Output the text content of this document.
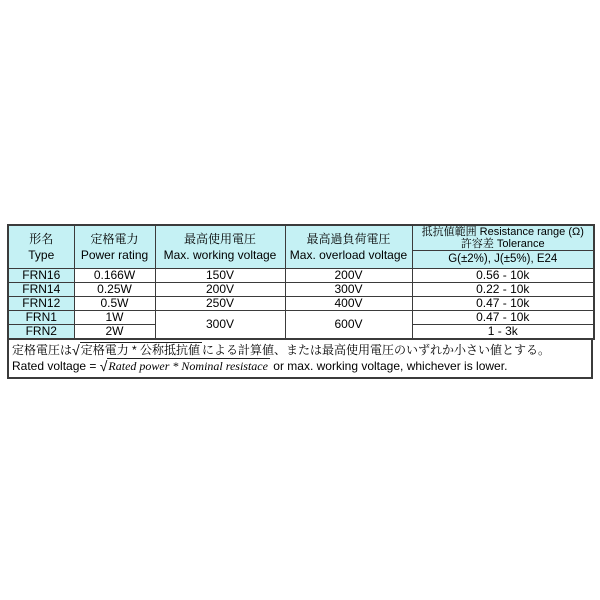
形名
Type

定格電力
Power rating

最高使用電圧
Max. working voltage

最高過負荷電圧
Max. overload voltage

抵抗値範囲 Resistance range (Ω)
許容差 Tolerance
G(±2%), J(±5%), E24

FRN16	0.166W	150V	200V	0.56 - 10k
FRN14	0.25W	200V	300V	0.22 - 10k
FRN12	0.5W	250V	400V	0.47 - 10k
FRN1	1W	300V	600V	0.47 - 10k
FRN2	2W			1 - 3k
定格電圧は√定格電力 * 公称抵抗値 による計算値、または最高使用電圧のいずれか小さい値とする。
Rated voltage = √Rated power * Nominal resistace or max. working voltage, whichever is lower.
